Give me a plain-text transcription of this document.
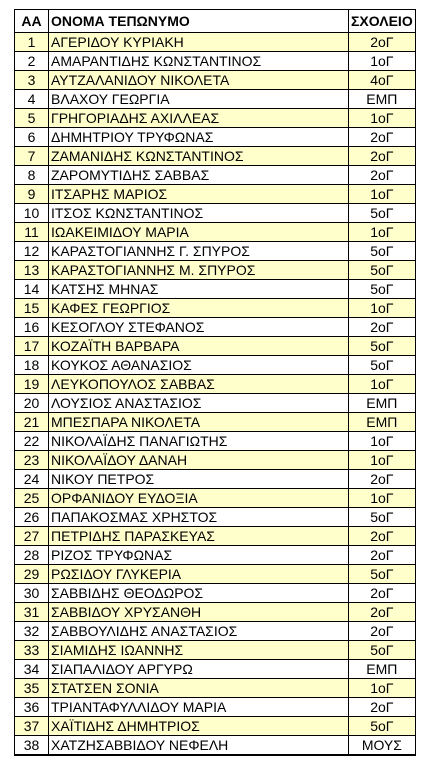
ΑΑ	ΟΝΟΜΑ ΤΕΠΩΝΥΜΟ	ΣΧΟΛΕΙΟ
1	ΑΓΕΡΙΔΟΥ ΚΥΡΙΑΚΗ	2οΓ
2	ΑΜΑΡΑΝΤΙΔΗΣ ΚΩΝΣΤΑΝΤΙΝΟΣ	1οΓ
3	ΑΥΤΖΑΛΑΝΙΔΟΥ ΝΙΚΟΛΕΤΑ	4οΓ
4	ΒΛΑΧΟΥ ΓΕΩΡΓΙΑ	ΕΜΠ
5	ΓΡΗΓΟΡΙΑΔΗΣ ΑΧΙΛΛΕΑΣ	1οΓ
6	ΔΗΜΗΤΡΙΟΥ ΤΡΥΦΩΝΑΣ	2οΓ
7	ΖΑΜΑΝΙΔΗΣ ΚΩΝΣΤΑΝΤΙΝΟΣ	2οΓ
8	ΖΑΡΟΜΥΤΙΔΗΣ ΣΑΒΒΑΣ	2οΓ
9	ΙΤΣΑΡΗΣ ΜΑΡΙΟΣ	1οΓ
10	ΙΤΣΟΣ ΚΩΝΣΤΑΝΤΙΝΟΣ	5οΓ
11	ΙΩΑΚΕΙΜΙΔΟΥ ΜΑΡΙΑ	1οΓ
12	ΚΑΡΑΣΤΟΓΙΑΝΝΗΣ Γ. ΣΠΥΡΟΣ	5οΓ
13	ΚΑΡΑΣΤΟΓΙΑΝΝΗΣ Μ. ΣΠΥΡΟΣ	5οΓ
14	ΚΑΤΣΗΣ ΜΗΝΑΣ	5οΓ
15	ΚΑΦΕΣ ΓΕΩΡΓΙΟΣ	1οΓ
16	ΚΕΣΟΓΛΟΥ ΣΤΕΦΑΝΟΣ	2οΓ
17	ΚΟΖΑΪΤΗ ΒΑΡΒΑΡΑ	5οΓ
18	ΚΟΥΚΟΣ ΑΘΑΝΑΣΙΟΣ	5οΓ
19	ΛΕΥΚΟΠΟΥΛΟΣ ΣΑΒΒΑΣ	1οΓ
20	ΛΟΥΣΙΟΣ ΑΝΑΣΤΑΣΙΟΣ	ΕΜΠ
21	ΜΠΕΣΠΑΡΑ ΝΙΚΟΛΕΤΑ	ΕΜΠ
22	ΝΙΚΟΛΑΪΔΗΣ ΠΑΝΑΓΙΩΤΗΣ	1οΓ
23	ΝΙΚΟΛΑΪΔΟΥ ΔΑΝΑΗ	1οΓ
24	ΝΙΚΟΥ ΠΕΤΡΟΣ	2οΓ
25	ΟΡΦΑΝΙΔΟΥ ΕΥΔΟΞΙΑ	1οΓ
26	ΠΑΠΑΚΟΣΜΑΣ ΧΡΗΣΤΟΣ	5οΓ
27	ΠΕΤΡΙΔΗΣ ΠΑΡΑΣΚΕΥΑΣ	2οΓ
28	ΡΙΖΟΣ ΤΡΥΦΩΝΑΣ	2οΓ
29	ΡΩΣΙΔΟΥ ΓΛΥΚΕΡΙΑ	5οΓ
30	ΣΑΒΒΙΔΗΣ ΘΕΟΔΩΡΟΣ	2οΓ
31	ΣΑΒΒΙΔΟΥ ΧΡΥΣΑΝΘΗ	2οΓ
32	ΣΑΒΒΟΥΛΙΔΗΣ ΑΝΑΣΤΑΣΙΟΣ	2οΓ
33	ΣΙΑΜΙΔΗΣ ΙΩΑΝΝΗΣ	5οΓ
34	ΣΙΑΠΑΛΙΔΟΥ ΑΡΓΥΡΩ	ΕΜΠ
35	ΣΤΑΤΣΕΝ ΣΟΝΙΑ	1οΓ
36	ΤΡΙΑΝΤΑΦΥΛΛΙΔΟΥ ΜΑΡΙΑ	2οΓ
37	ΧΑΪΤΙΔΗΣ ΔΗΜΗΤΡΙΟΣ	5οΓ
38	ΧΑΤΖΗΣΑΒΒΙΔΟΥ ΝΕΦΕΛΗ	ΜΟΥΣ
